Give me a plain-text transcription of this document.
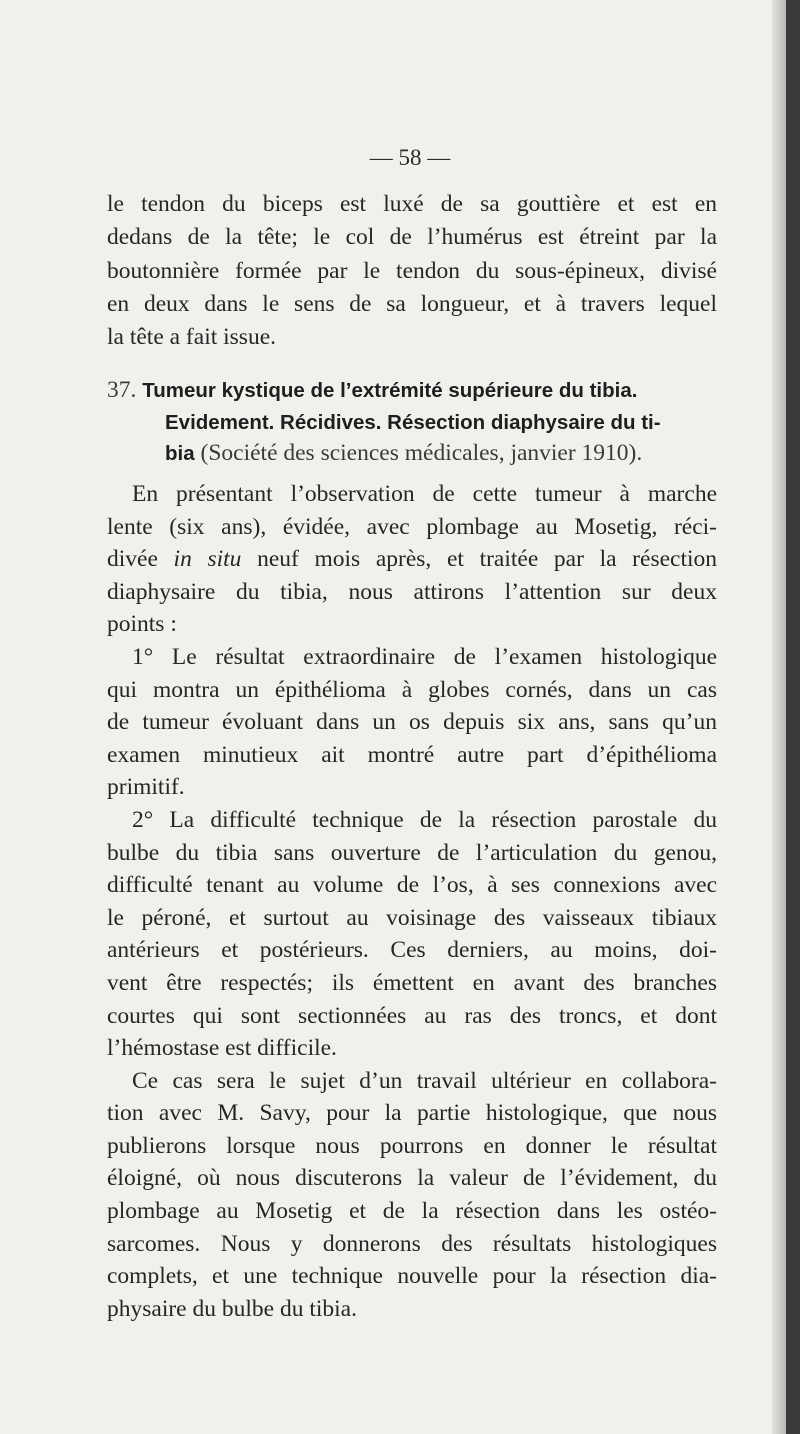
— 58 —
le tendon du biceps est luxé de sa gouttière et est en
dedans de la tête; le col de l’humérus est étreint par la
boutonnière formée par le tendon du sous-épineux, divisé
en deux dans le sens de sa longueur, et à travers lequel
la tête a fait issue.
37. Tumeur kystique de l’extrémité supérieure du tibia.
Evidement. Récidives. Résection diaphysaire du ti-
bia (Société des sciences médicales, janvier 1910).
En présentant l’observation de cette tumeur à marche
lente (six ans), évidée, avec plombage au Mosetig, réci-
divée in situ neuf mois après, et traitée par la résection
diaphysaire du tibia, nous attirons l’attention sur deux
points :
1° Le résultat extraordinaire de l’examen histologique
qui montra un épithélioma à globes cornés, dans un cas
de tumeur évoluant dans un os depuis six ans, sans qu’un
examen minutieux ait montré autre part d’épithélioma
primitif.
2° La difficulté technique de la résection parostale du
bulbe du tibia sans ouverture de l’articulation du genou,
difficulté tenant au volume de l’os, à ses connexions avec
le péroné, et surtout au voisinage des vaisseaux tibiaux
antérieurs et postérieurs. Ces derniers, au moins, doi-
vent être respectés; ils émettent en avant des branches
courtes qui sont sectionnées au ras des troncs, et dont
l’hémostase est difficile.
Ce cas sera le sujet d’un travail ultérieur en collabora-
tion avec M. Savy, pour la partie histologique, que nous
publierons lorsque nous pourrons en donner le résultat
éloigné, où nous discuterons la valeur de l’évidement, du
plombage au Mosetig et de la résection dans les ostéo-
sarcomes. Nous y donnerons des résultats histologiques
complets, et une technique nouvelle pour la résection dia-
physaire du bulbe du tibia.
